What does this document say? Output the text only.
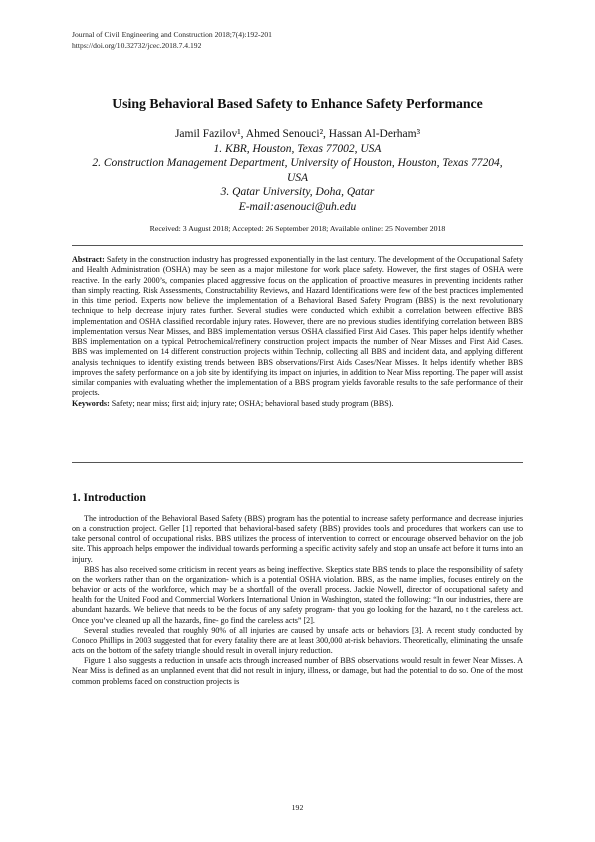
Journal of Civil Engineering and Construction 2018;7(4):192-201
https://doi.org/10.32732/jcec.2018.7.4.192
Using Behavioral Based Safety to Enhance Safety Performance
Jamil Fazilov¹, Ahmed Senouci², Hassan Al-Derham³
1. KBR, Houston, Texas 77002, USA
2. Construction Management Department, University of Houston, Houston, Texas 77204,
USA
3. Qatar University, Doha, Qatar
E-mail:asenouci@uh.edu
Received: 3 August 2018; Accepted: 26 September 2018; Available online: 25 November 2018
Abstract: Safety in the construction industry has progressed exponentially in the last century. The development of the Occupational Safety and Health Administration (OSHA) may be seen as a major milestone for work place safety. However, the first stages of OSHA were reactive. In the early 2000’s, companies placed aggressive focus on the application of proactive measures in preventing incidents rather than simply reacting. Risk Assessments, Constructability Reviews, and Hazard Identifications were few of the best practices implemented in this time period. Experts now believe the implementation of a Behavioral Based Safety Program (BBS) is the next revolutionary technique to help decrease injury rates further. Several studies were conducted which exhibit a correlation between effective BBS implementation and OSHA classified recordable injury rates. However, there are no previous studies identifying correlation between BBS implementation versus Near Misses, and BBS implementation versus OSHA classified First Aid Cases. This paper helps identify whether BBS implementation on a typical Petrochemical/refinery construction project impacts the number of Near Misses and First Aid Cases. BBS was implemented on 14 different construction projects within Technip, collecting all BBS and incident data, and applying different analysis techniques to identify existing trends between BBS observations/First Aids Cases/Near Misses. It helps identify whether BBS improves the safety performance on a job site by identifying its impact on injuries, in addition to Near Miss reporting. The paper will assist similar companies with evaluating whether the implementation of a BBS program yields favorable results to the safe performance of their projects.
Keywords: Safety; near miss; first aid; injury rate; OSHA; behavioral based study program (BBS).
1. Introduction

The introduction of the Behavioral Based Safety (BBS) program has the potential to increase safety performance and decrease injuries on a construction project. Geller [1] reported that behavioral-based safety (BBS) provides tools and procedures that workers can use to take personal control of occupational risks. BBS utilizes the process of intervention to correct or encourage observed behavior on the job site. This approach helps empower the individual towards performing a specific activity safely and stop an unsafe act before it turns into an injury.

BBS has also received some criticism in recent years as being ineffective. Skeptics state BBS tends to place the responsibility of safety on the workers rather than on the organization- which is a potential OSHA violation. BBS, as the name implies, focuses entirely on the behavior or acts of the workforce, which may be a shortfall of the overall process. Jackie Nowell, director of occupational safety and health for the United Food and Commercial Workers International Union in Washington, stated the following: “In our industries, there are abundant hazards. We believe that needs to be the focus of any safety program- that you go looking for the hazard, no t the careless act. Once you’ve cleaned up all the hazards, fine- go find the careless acts” [2].

Several studies revealed that roughly 90% of all injuries are caused by unsafe acts or behaviors [3]. A recent study conducted by Conoco Phillips in 2003 suggested that for every fatality there are at least 300,000 at-risk behaviors. Theoretically, eliminating the unsafe acts on the bottom of the safety triangle should result in overall injury reduction.

Figure 1 also suggests a reduction in unsafe acts through increased number of BBS observations would result in fewer Near Misses. A Near Miss is defined as an unplanned event that did not result in injury, illness, or damage, but had the potential to do so. One of the most common problems faced on construction projects is

192
